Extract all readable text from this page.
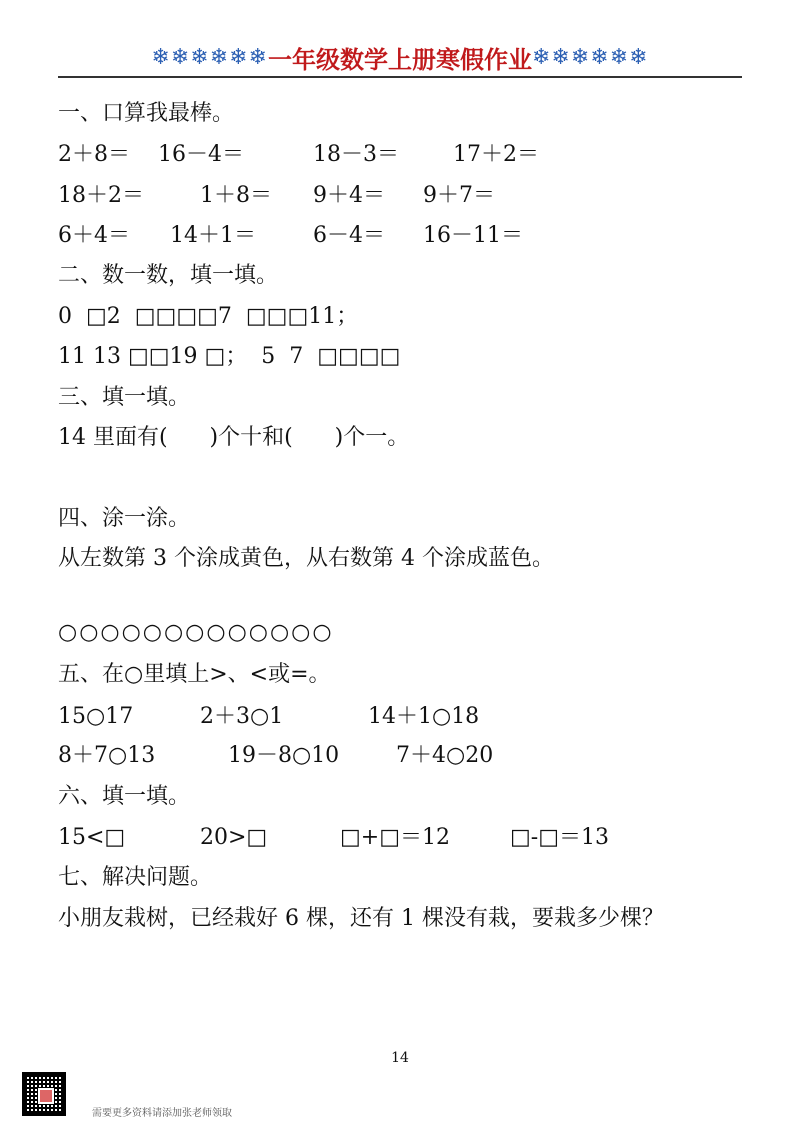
❄❄❄❄❄❄一年级数学上册寒假作业❄❄❄❄❄❄
一、口算我最棒。
2＋8＝ 16－4＝	18－3＝ 17＋2＝
18＋2＝	1＋8＝ 9＋4＝ 9＋7＝
6＋4＝ 14＋1＝	6－4＝ 16－11＝
二、数一数，填一填。
0  □2  □□□□7  □□□11；
11 13 □□19 □；  5  7  □□□□
三、填一填。
14 里面有(      )个十和(      )个一。
四、涂一涂。
从左数第 3 个涂成黄色，从右数第 4 个涂成蓝色。
○○○○○○○○○○○○○
五、在○里填上>、<或=。
15○17	2＋3○1	14＋1○18
8＋7○13	19－8○10	7＋4○20
六、填一填。
15<□	20>□	□+□＝12	□-□＝13
七、解决问题。
小朋友栽树，已经栽好 6 棵，还有 1 棵没有栽，要栽多少棵？
14
需要更多资料请添加张老师领取
